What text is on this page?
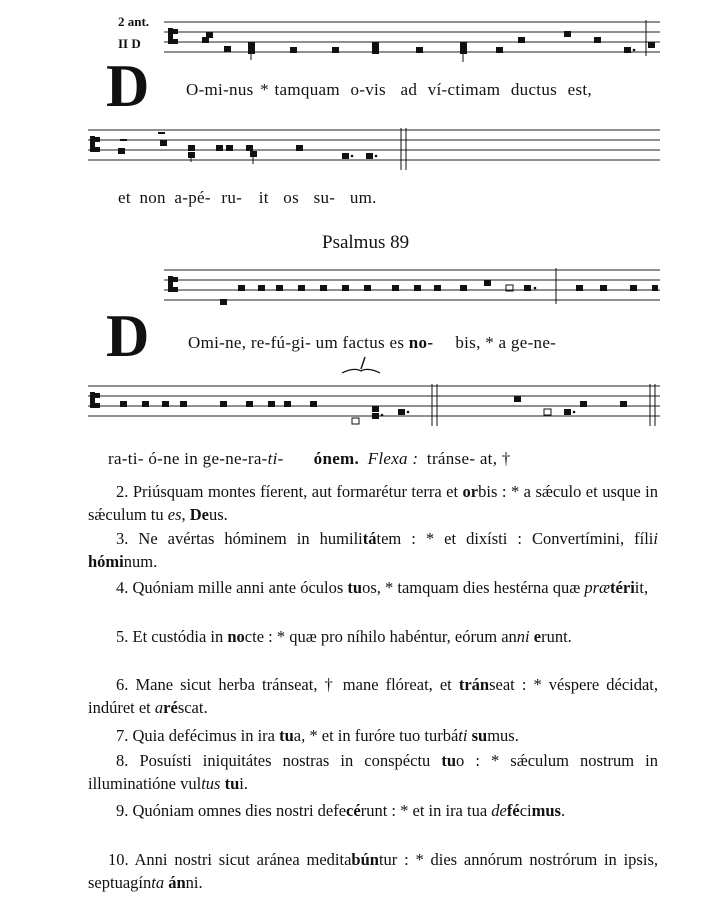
2 ant.
II D
D O-mi-nus * tamquam o-vis ad ví-ctimam ductus est,
et non a-pé- ru- it os su- um.
Psalmus 89
D Omi-ne, re-fú-gi- um factus es no- bis, * a ge-ne-
ra-ti- ó-ne in ge-ne-ra-ti- ónem. Flexa : tránse- at, †
2. Priúsquam montes fíerent, aut formarétur terra et orbis : * a sǽculo et usque in sǽculum tu es, Deus.
3. Ne avértas hóminem in humilitátem : * et dixísti : Convertímini, fílii hóminum.
4. Quóniam mille anni ante óculos tuos, * tamquam dies hestérna quæ prætériit,
5. Et custódia in nocte : * quæ pro níhilo habéntur, eórum anni erunt.
6. Mane sicut herba tránseat, † mane flóreat, et tránseat : * véspere décidat, indúret et aréscat.
7. Quia defécimus in ira tua, * et in furóre tuo turbáti sumus.
8. Posuísti iniquitátes nostras in conspéctu tuo : * sǽculum nostrum in illuminatióne vultus tui.
9. Quóniam omnes dies nostri defecérunt : * et in ira tua defécimus.
10. Anni nostri sicut aránea meditabúntur : * dies annórum nostrórum in ipsis, septuagínta ánni.
